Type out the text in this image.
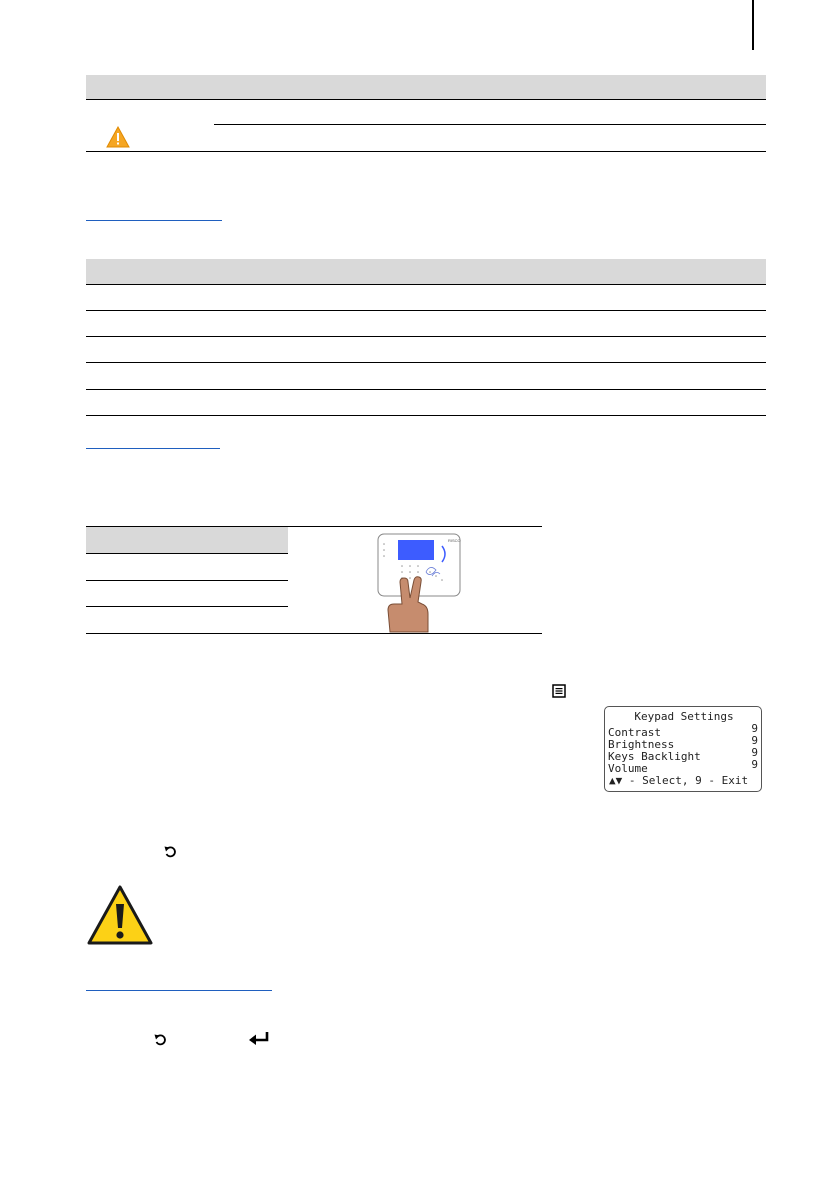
RISCO
Keypad Settings
Contrast	9
Brightness	9
Keys Backlight	9
Volume	9
▲▼ - Select, 9 - Exit
